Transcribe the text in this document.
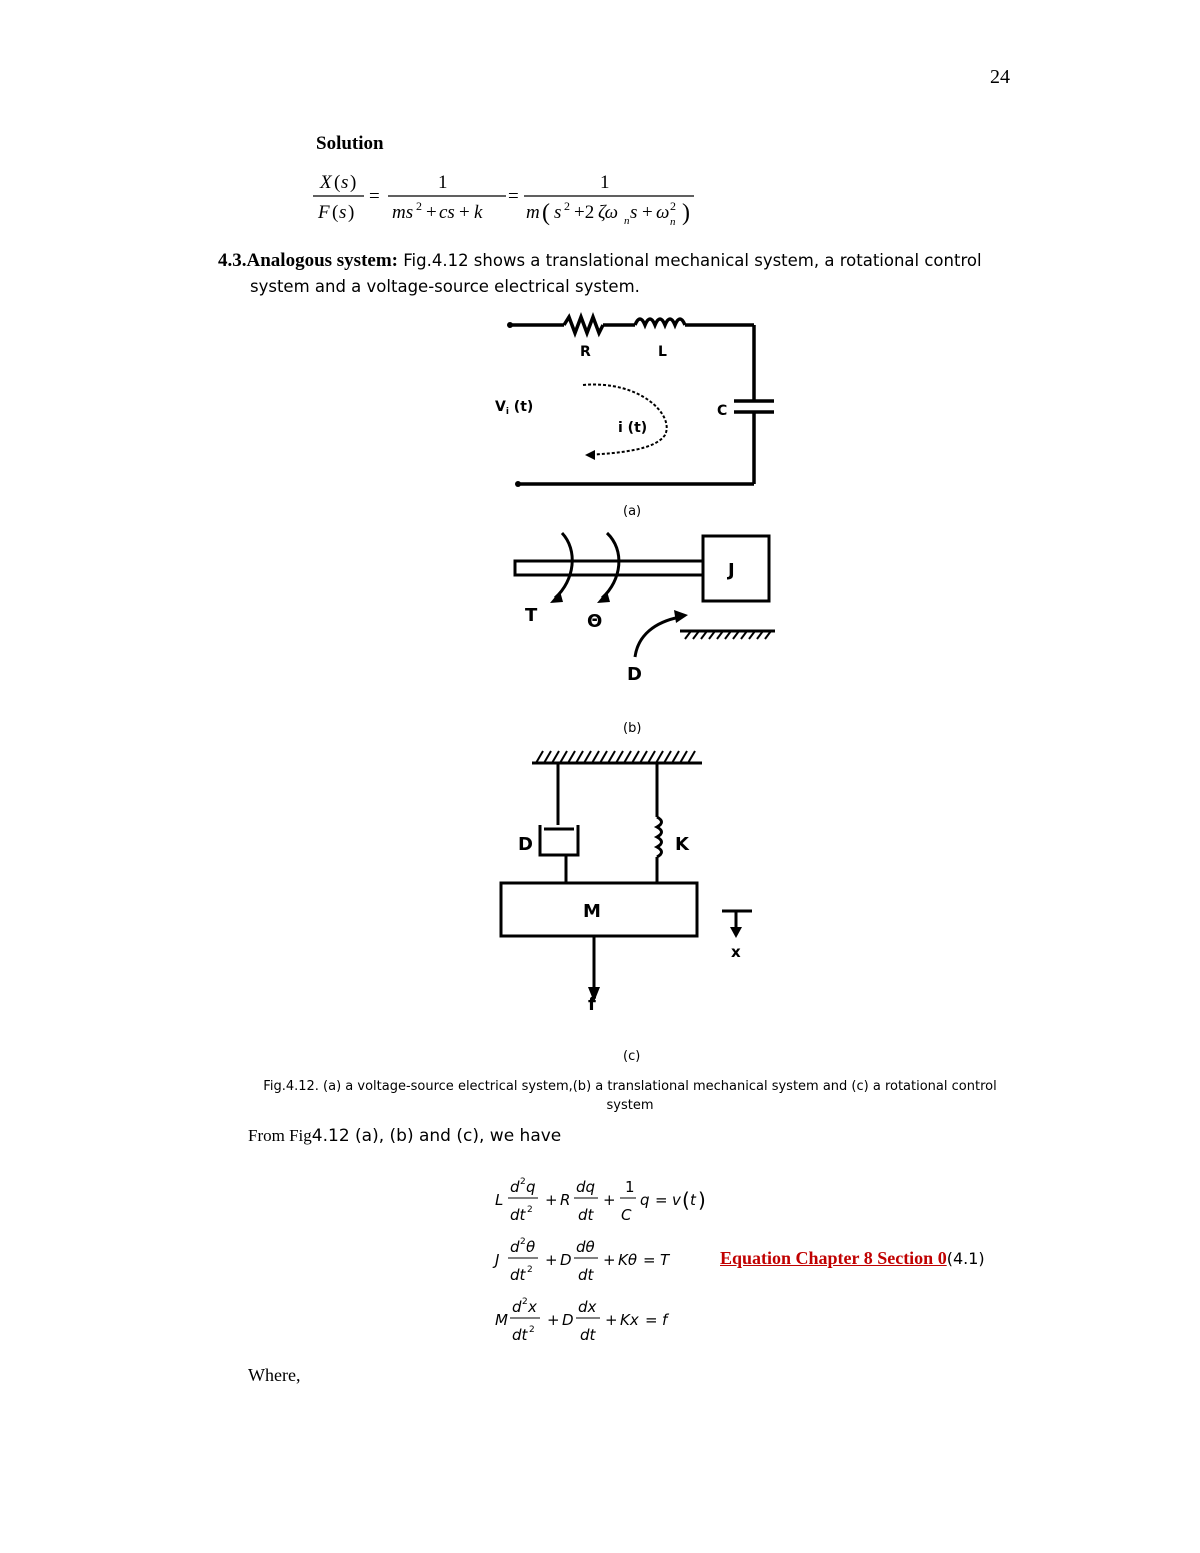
24
Solution
X ( s )
F ( s )
=
1
ms 2 + cs + k
=
1
m ( s 2 +2 ζω n s + ω 2
n )
4.3.Analogous system: Fig.4.12 shows a translational mechanical system, a rotational control
system and a voltage-source electrical system.
R	L
C
$V_i$ (t)
i (t)
(a)
J
T	Θ
D
(b)
D	K
M
x
f
(c)
Fig.4.12. (a) a voltage-source electrical system,(b) a translational mechanical system and (c) a rotational control
system
From Fig4.12 (a), (b) and (c), we have
L
d 2 q
dt 2
+ R
dq
dt
+
1
C
q = v ( t )
J
d 2 θ
dt 2
+ D
dθ
dt
+ Kθ = T
M
d 2 x
dt 2
+ D
dx
dt
+ Kx = f
Equation Chapter 8 Section 0(4.1)
Where,
